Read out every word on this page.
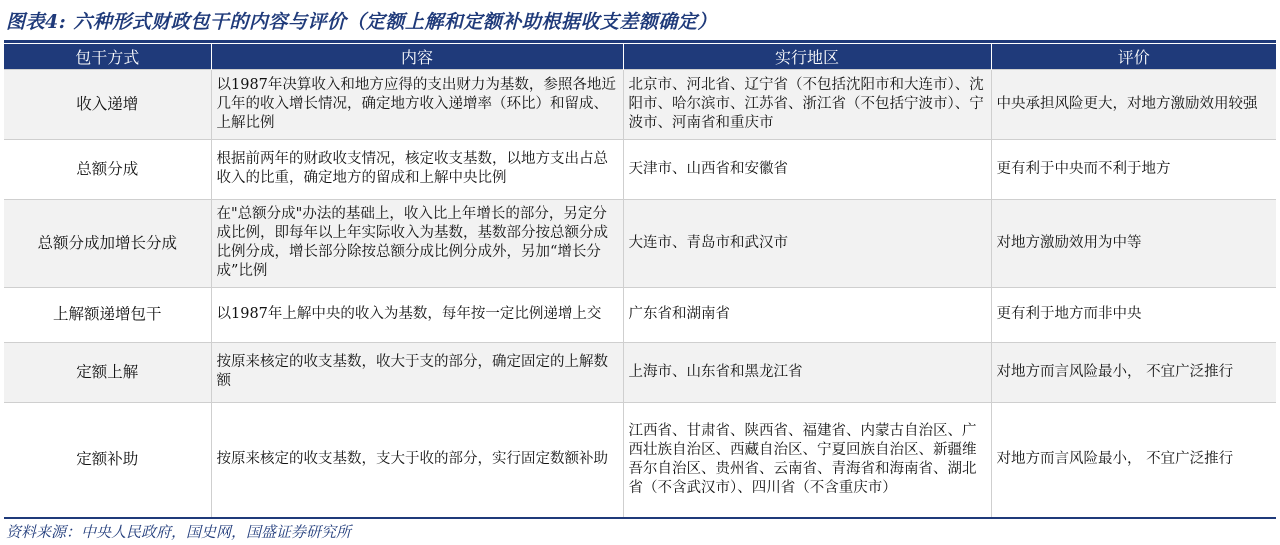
图表4: 六种形式财政包干的内容与评价（定额上解和定额补助根据收支差额确定）
包干方式	内容	实行地区	评价
收入递增	以1987年决算收入和地方应得的支出财力为基数，参照各地近几年的收入增长情况，确定地方收入递增率（环比）和留成、上解比例	北京市、河北省、辽宁省（不包括沈阳市和大连市）、沈阳市、哈尔滨市、江苏省、浙江省（不包括宁波市）、宁波市、河南省和重庆市	中央承担风险更大，对地方激励效用较强
总额分成	根据前两年的财政收支情况，核定收支基数，以地方支出占总收入的比重，确定地方的留成和上解中央比例	天津市、山西省和安徽省	更有利于中央而不利于地方
总额分成加增长分成	在"总额分成"办法的基础上，收入比上年增长的部分，另定分成比例，即每年以上年实际收入为基数，基数部分按总额分成比例分成，增长部分除按总额分成比例分成外，另加“增长分成”比例	大连市、青岛市和武汉市	对地方激励效用为中等
上解额递增包干	以1987年上解中央的收入为基数，每年按一定比例递增上交	广东省和湖南省	更有利于地方而非中央
定额上解	按原来核定的收支基数，收大于支的部分，确定固定的上解数额	上海市、山东省和黑龙江省	对地方而言风险最小， 不宜广泛推行
定额补助	按原来核定的收支基数，支大于收的部分，实行固定数额补助	江西省、甘肃省、陕西省、福建省、内蒙古自治区、广西壮族自治区、西藏自治区、宁夏回族自治区、新疆维吾尔自治区、贵州省、云南省、青海省和海南省、湖北省（不含武汉市）、四川省（不含重庆市）	对地方而言风险最小， 不宜广泛推行
资料来源：中央人民政府，国史网，国盛证券研究所
